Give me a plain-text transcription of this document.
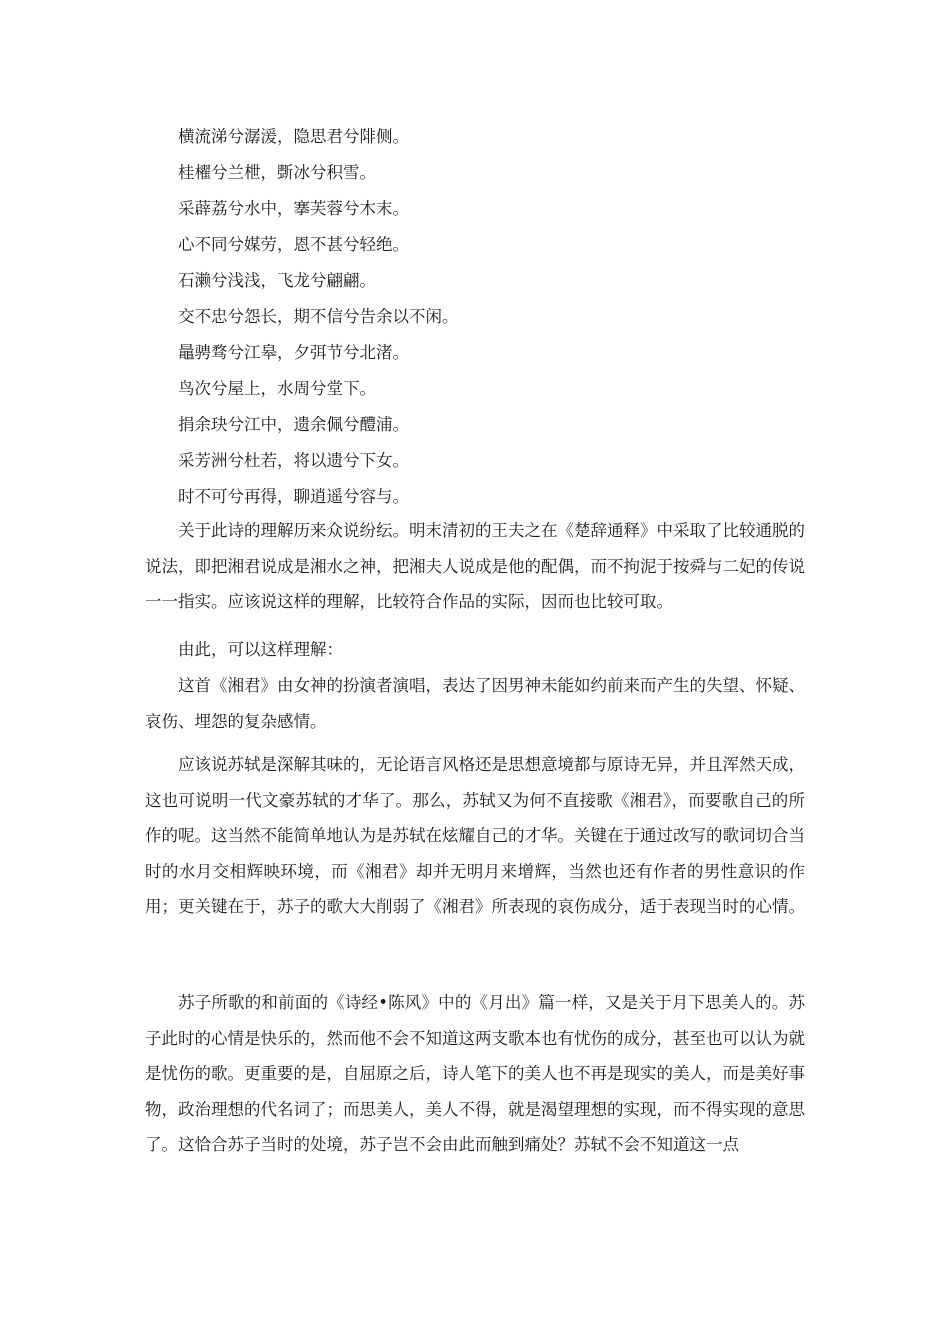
横流涕兮潺湲，隐思君兮陫侧。

桂櫂兮兰枻，斲冰兮积雪。

采薜荔兮水中，搴芙蓉兮木末。

心不同兮媒劳，恩不甚兮轻绝。

石濑兮浅浅，飞龙兮翩翩。

交不忠兮怨长，期不信兮告余以不闲。

鼂骋骛兮江皋，夕弭节兮北渚。

鸟次兮屋上，水周兮堂下。

捐余玦兮江中，遗余佩兮醴浦。

采芳洲兮杜若，将以遗兮下女。

时不可兮再得，聊逍遥兮容与。

关于此诗的理解历来众说纷纭。明末清初的王夫之在《楚辞通释》中采取了比较通脱的说法，即把湘君说成是湘水之神，把湘夫人说成是他的配偶，而不拘泥于按舜与二妃的传说一一指实。应该说这样的理解，比较符合作品的实际，因而也比较可取。

由此，可以这样理解：

这首《湘君》由女神的扮演者演唱，表达了因男神未能如约前来而产生的失望、怀疑、哀伤、埋怨的复杂感情。

应该说苏轼是深解其味的，无论语言风格还是思想意境都与原诗无异，并且浑然天成，这也可说明一代文豪苏轼的才华了。那么，苏轼又为何不直接歌《湘君》，而要歌自己的所作的呢。这当然不能简单地认为是苏轼在炫耀自己的才华。关键在于通过改写的歌词切合当时的水月交相辉映环境，而《湘君》却并无明月来增辉，当然也还有作者的男性意识的作用；更关键在于，苏子的歌大大削弱了《湘君》所表现的哀伤成分，适于表现当时的心情。

苏子所歌的和前面的《诗经•陈风》中的《月出》篇一样，又是关于月下思美人的。苏子此时的心情是快乐的，然而他不会不知道这两支歌本也有忧伤的成分，甚至也可以认为就是忧伤的歌。更重要的是，自屈原之后，诗人笔下的美人也不再是现实的美人，而是美好事物，政治理想的代名词了；而思美人，美人不得，就是渴望理想的实现，而不得实现的意思了。这恰合苏子当时的处境，苏子岂不会由此而触到痛处？苏轼不会不知道这一点
